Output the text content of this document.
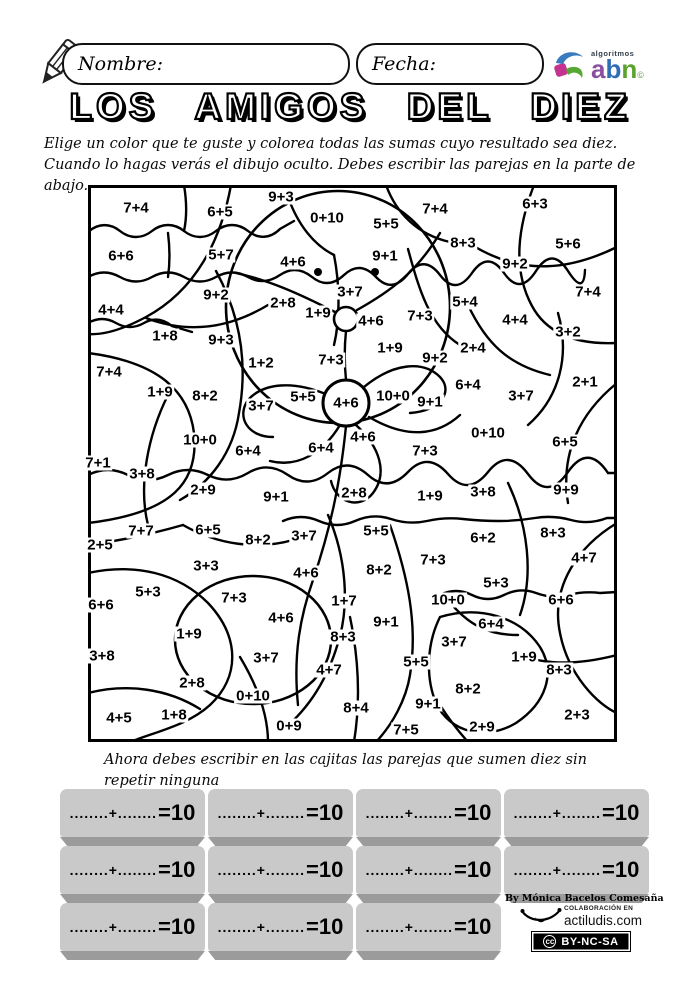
Nombre:	Fecha:	algoritmos
abn©
LOS AMIGOS DEL DIEZ
Elige un color que te guste y colorea todas las sumas cuyo resultado sea diez. Cuando lo hagas verás el dibujo oculto. Debes escribir las parejas en la parte de abajo.
7+4	6+5
9+3
0+10 5+5
7+4	6+3
6+6	5+7	4+6	9+1
8+3
9+2
5+6
4+4
9+2	2+8
3+7
1+9 4+6 7+3
5+4
4+4
3+2
7+4
1+8 9+3
1+2	7+3
1+9
9+2
2+4
2+1
7+4
1+9 8+2
3+7
5+5 4+6 10+0 9+1
6+4
3+7
10+0
6+4	6+4
4+6
7+3
0+10
6+5
7+1
3+8
2+9	9+1	2+8	1+9 3+8	9+9
7+7	6+5
2+5	8+2 3+7	5+5	6+2	8+3
3+3	4+6	8+2
7+3	4+7
5+3	7+3	1+7	10+0
5+3
6+6	6+6
4+6	9+1	6+4
1+9	8+3	3+7
1+9
3+8	3+7
4+7	5+5	8+3
2+8
0+10	8+2
9+1
8+4
1+8
4+5	0+9	7+5	2+9
2+3
Ahora debes escribir en las cajitas las parejas que sumen diez sin repetir ninguna
........+........ =10 ........+........ =10 ........+........ =10 ........+........ =10
........+........ =10 ........+........ =10 ........+........ =10 ........+........ =10
........+........ =10 ........+........ =10 ........+........ =10
By Mónica Bacelos Comesaña
COLABORACIÓN EN
actiludis.com
cc BY-NC-SA
